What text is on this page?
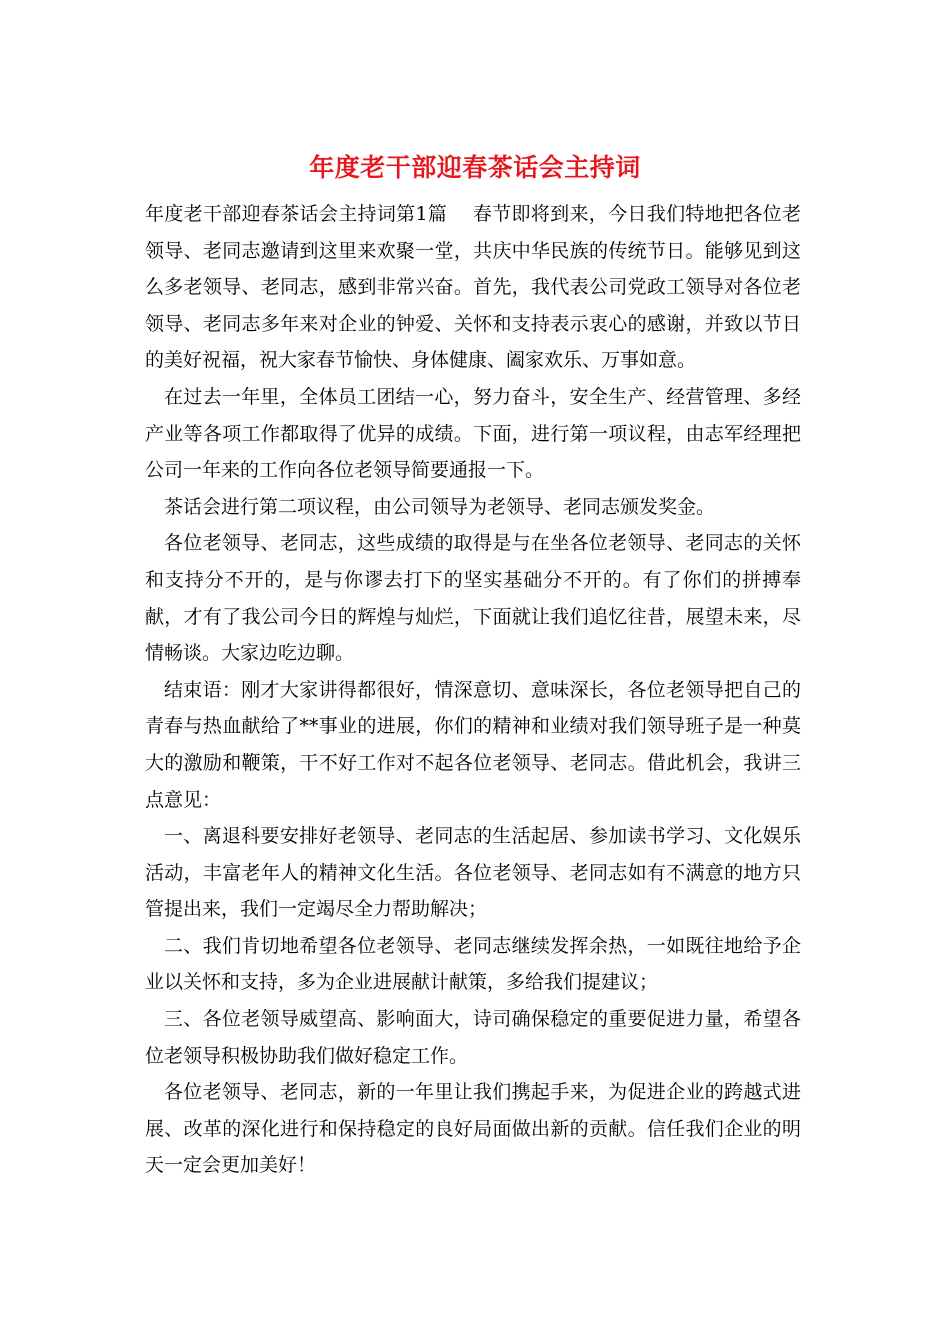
年度老干部迎春茶话会主持词

年度老干部迎春茶话会主持词第1篇　 春节即将到来，今日我们特地把各位老领导、老同志邀请到这里来欢聚一堂，共庆中华民族的传统节日。能够见到这么多老领导、老同志，感到非常兴奋。首先，我代表公司党政工领导对各位老领导、老同志多年来对企业的钟爱、关怀和支持表示衷心的感谢，并致以节日的美好祝福，祝大家春节愉快、身体健康、阖家欢乐、万事如意。

在过去一年里，全体员工团结一心，努力奋斗，安全生产、经营管理、多经产业等各项工作都取得了优异的成绩。下面，进行第一项议程，由志军经理把公司一年来的工作向各位老领导简要通报一下。

茶话会进行第二项议程，由公司领导为老领导、老同志颁发奖金。

各位老领导、老同志，这些成绩的取得是与在坐各位老领导、老同志的关怀和支持分不开的，是与你谬去打下的坚实基础分不开的。有了你们的拼搏奉献，才有了我公司今日的辉煌与灿烂，下面就让我们追忆往昔，展望未来，尽情畅谈。大家边吃边聊。

结束语：刚才大家讲得都很好，情深意切、意味深长，各位老领导把自己的青春与热血献给了**事业的进展，你们的精神和业绩对我们领导班子是一种莫大的激励和鞭策，干不好工作对不起各位老领导、老同志。借此机会，我讲三点意见：

一、离退科要安排好老领导、老同志的生活起居、参加读书学习、文化娱乐活动，丰富老年人的精神文化生活。各位老领导、老同志如有不满意的地方只管提出来，我们一定竭尽全力帮助解决；

二、我们肯切地希望各位老领导、老同志继续发挥余热，一如既往地给予企业以关怀和支持，多为企业进展献计献策，多给我们提建议；

三、各位老领导威望高、影响面大，诗司确保稳定的重要促进力量，希望各位老领导积极协助我们做好稳定工作。

各位老领导、老同志，新的一年里让我们携起手来，为促进企业的跨越式进展、改革的深化进行和保持稳定的良好局面做出新的贡献。信任我们企业的明天一定会更加美好！
